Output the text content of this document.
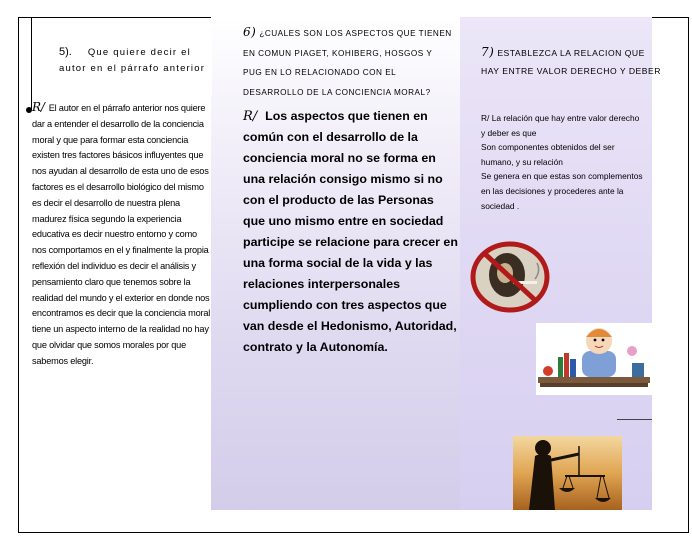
5). Que quiere decir el autor en el párrafo anterior
R/ El autor en el párrafo anterior nos quiere dar a entender el desarrollo de la conciencia moral y que para formar esta conciencia existen tres factores básicos influyentes que nos ayudan al desarrollo de esta uno de esos factores es el desarrollo biológico del mismo es decir el desarrollo de nuestra plena madurez física segundo la experiencia educativa es decir nuestro entorno y como nos comportamos en el y finalmente la propia reflexión del individuo es decir el análisis y pensamiento claro que tenemos sobre la realidad del mundo y el exterior en donde nos encontramos es decir que la conciencia moral tiene un aspecto interno de la realidad no hay que olvidar que somos morales por que sabemos elegir.
6) ¿CUALES SON LOS ASPECTOS QUE TIENEN EN COMUN PIAGET, KOHIBERG, HOSGOS Y PUG EN LO RELACIONADO CON EL DESARROLLO DE LA CONCIENCIA MORAL?
R/ Los aspectos que tienen en común con el desarrollo de la conciencia moral no se forma en una relación consigo mismo si no con el producto de las Personas que uno mismo entre en sociedad participe se relacione para crecer en una forma social de la vida y las relaciones interpersonales cumpliendo con tres aspectos que van desde el Hedonismo, Autoridad, contrato y la Autonomía.
7) ESTABLEZCA LA RELACION QUE HAY ENTRE VALOR DERECHO Y DEBER
R/ La relación que hay entre valor derecho
y deber es que
Son componentes obtenidos del ser
humano, y su relación
Se genera en que estas son complementos
en las decisiones y procederes ante la
sociedad .
